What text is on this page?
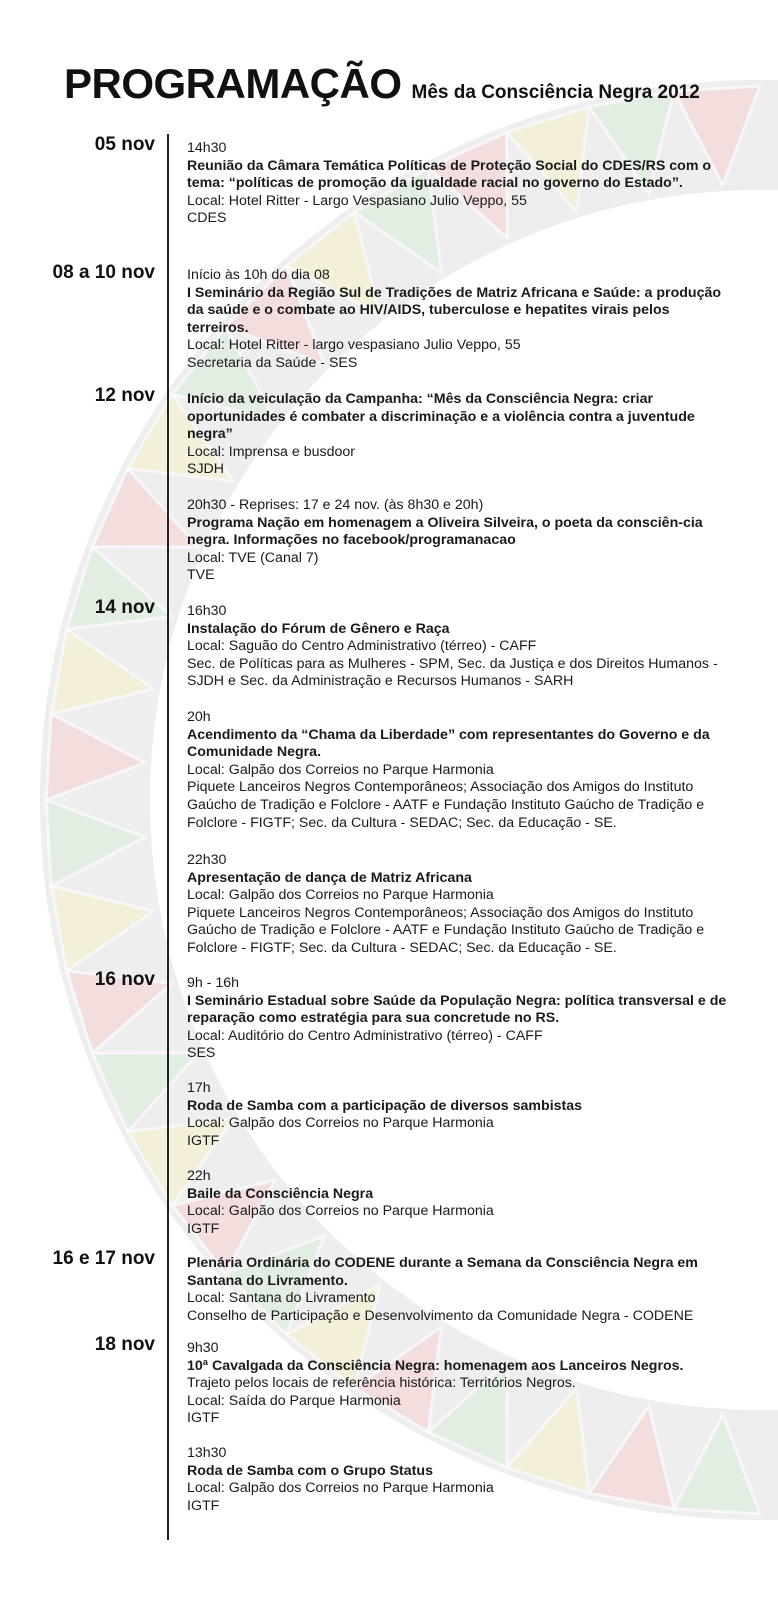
PROGRAMAÇÃO Mês da Consciência Negra 2012
05 nov
08 a 10 nov
12 nov
14 nov
16 nov
16 e 17 nov
18 nov
14h30
Reunião da Câmara Temática Políticas de Proteção Social do CDES/RS com o tema: “políticas de promoção da igualdade racial no governo do Estado”.
Local: Hotel Ritter - Largo Vespasiano Julio Veppo, 55
CDES
Início às 10h do dia 08
I Seminário da Região Sul de Tradições de Matriz Africana e Saúde: a produção da saúde e o combate ao HIV/AIDS, tuberculose e hepatites virais pelos terreiros.
Local: Hotel Ritter - largo vespasiano Julio Veppo, 55
Secretaria da Saúde - SES
Início da veiculação da Campanha: “Mês da Consciência Negra: criar oportunidades é combater a discriminação e a violência contra a juventude negra”
Local: Imprensa e busdoor
SJDH
20h30 - Reprises: 17 e 24 nov. (às 8h30 e 20h)
Programa Nação em homenagem a Oliveira Silveira, o poeta da consciên-cia negra. Informações no facebook/programanacao
Local: TVE (Canal 7)
TVE
16h30
Instalação do Fórum de Gênero e Raça
Local: Saguão do Centro Administrativo (térreo) - CAFF
Sec. de Políticas para as Mulheres - SPM, Sec. da Justiça e dos Direitos Humanos - SJDH e Sec. da Administração e Recursos Humanos - SARH
20h
Acendimento da “Chama da Liberdade” com representantes do Governo e da Comunidade Negra.
Local: Galpão dos Correios no Parque Harmonia
Piquete Lanceiros Negros Contemporâneos; Associação dos Amigos do Instituto Gaúcho de Tradição e Folclore - AATF e Fundação Instituto Gaúcho de Tradição e Folclore - FIGTF; Sec. da Cultura - SEDAC; Sec. da Educação - SE.
22h30
Apresentação de dança de Matriz Africana
Local: Galpão dos Correios no Parque Harmonia
Piquete Lanceiros Negros Contemporâneos; Associação dos Amigos do Instituto Gaúcho de Tradição e Folclore - AATF e Fundação Instituto Gaúcho de Tradição e Folclore - FIGTF; Sec. da Cultura - SEDAC; Sec. da Educação - SE.
9h - 16h
I Seminário Estadual sobre Saúde da População Negra: política transversal e de reparação como estratégia para sua concretude no RS.
Local: Auditório do Centro Administrativo (térreo) - CAFF
SES
17h
Roda de Samba com a participação de diversos sambistas
Local: Galpão dos Correios no Parque Harmonia
IGTF
22h
Baile da Consciência Negra
Local: Galpão dos Correios no Parque Harmonia
IGTF
Plenária Ordinária do CODENE durante a Semana da Consciência Negra em Santana do Livramento.
Local: Santana do Livramento
Conselho de Participação e Desenvolvimento da Comunidade Negra - CODENE
9h30
10ª Cavalgada da Consciência Negra: homenagem aos Lanceiros Negros.
Trajeto pelos locais de referência histórica: Territórios Negros.
Local: Saída do Parque Harmonia
IGTF
13h30
Roda de Samba com o Grupo Status
Local: Galpão dos Correios no Parque Harmonia
IGTF
